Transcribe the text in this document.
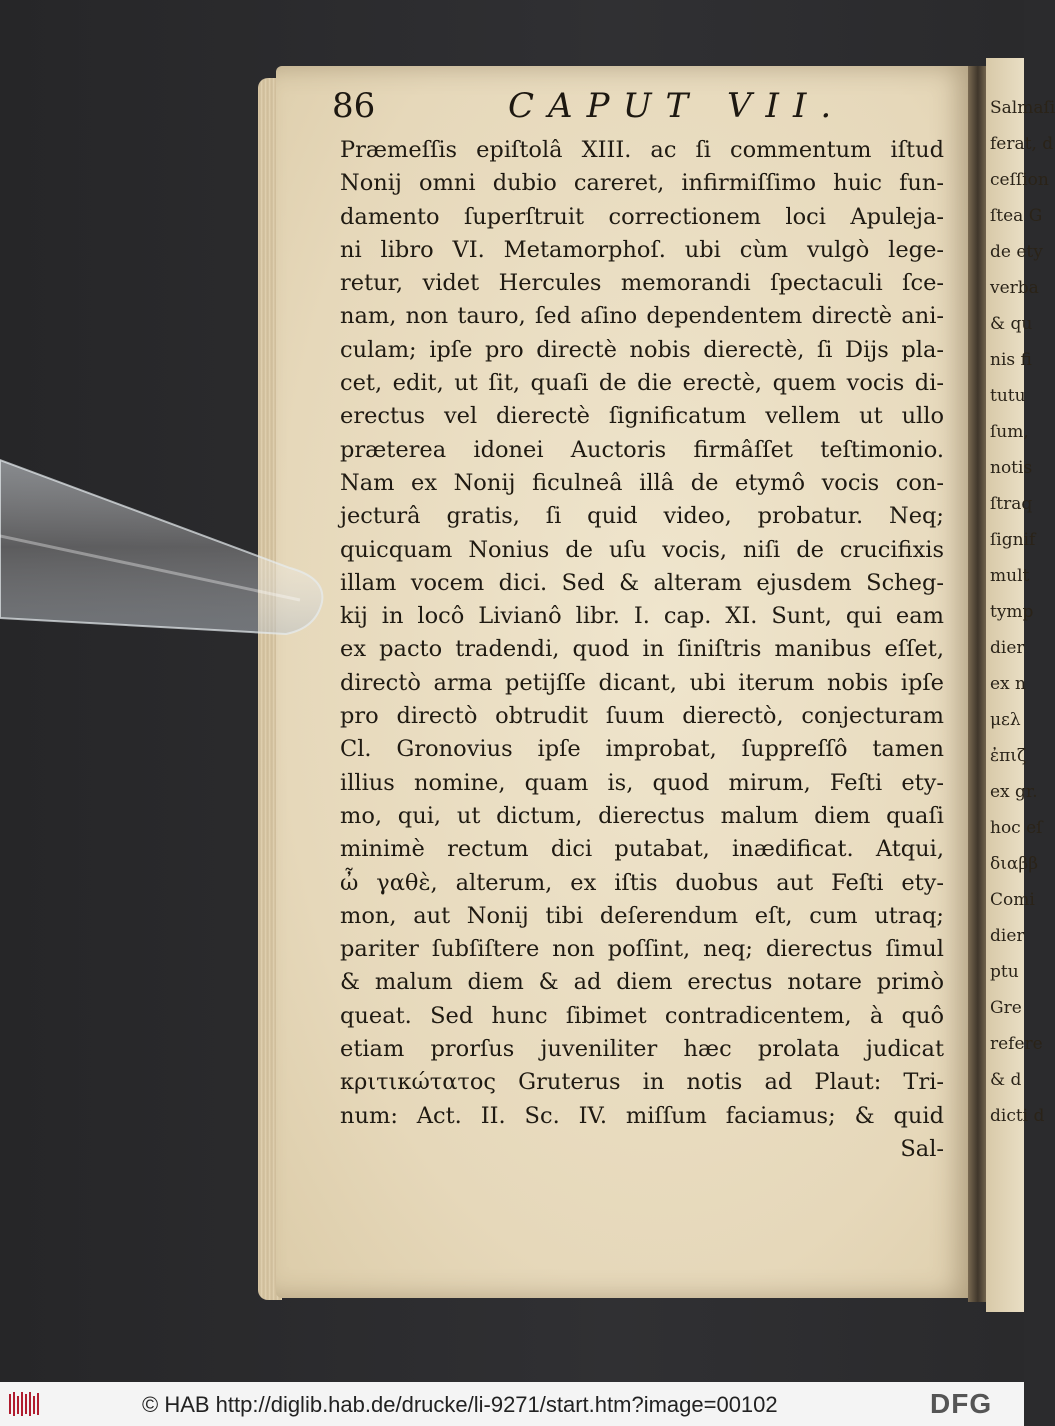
Salmaſi
ferat, d
ceſſion
ſtea G
de ety
verba
& qu
nis fi
tutu
ſum,
notis
ſtraq
ſignif
mult
tymp
dier
ex n
μελ
ἐπιζ
ex gr.
hoc eſ
διαββ
Comi
dier
ptu
Gre
refere
& d
dicti d
86	CAPUT VII.
Præmeſſis epiſtolâ XIII. ac ſi commentum iſtud
Nonij omni dubio careret, infirmiſſimo huic fun-
damento ſuperſtruit correctionem loci Apuleja-
ni libro VI. Metamorphoſ. ubi cùm vulgò lege-
retur, videt Hercules memorandi ſpectaculi ſce-
nam, non tauro, ſed aſino dependentem directè ani-
culam; ipſe pro directè nobis dierectè, ſi Dijs pla-
cet, edit, ut ſit, quaſi de die erectè, quem vocis di-
erectus vel dierectè ſignificatum vellem ut ullo
præterea idonei Auctoris firmâſſet teſtimonio.
Nam ex Nonij ficulneâ illâ de etymô vocis con-
jecturâ gratis, ſi quid video, probatur. Neq;
quicquam Nonius de uſu vocis, niſi de crucifixis
illam vocem dici. Sed & alteram ejusdem Scheg-
kij in locô Livianô libr. I. cap. XI. Sunt, qui eam
ex pacto tradendi, quod in ſiniſtris manibus eſſet,
directò arma petijſſe dicant, ubi iterum nobis ipſe
pro directò obtrudit ſuum dierectò, conjecturam
Cl. Gronovius ipſe improbat, ſuppreſſô tamen
illius nomine, quam is, quod mirum, Feſti ety-
mo, qui, ut dictum, dierectus malum diem quaſi
minimè rectum dici putabat, inædificat. Atqui,
ὦ γαθὲ, alterum, ex iſtis duobus aut Feſti ety-
mon, aut Nonij tibi deſerendum eſt, cum utraq;
pariter ſubſiſtere non poſſint, neq; dierectus ſimul
& malum diem & ad diem erectus notare primò
queat. Sed hunc ſibimet contradicentem, à quô
etiam prorſus juveniliter hæc prolata judicat
κριτικώτατος Gruterus in notis ad Plaut: Tri-
num: Act. II. Sc. IV. miſſum faciamus; & quid
Sal-
© HAB http://diglib.hab.de/drucke/li-9271/start.htm?image=00102	DFG
